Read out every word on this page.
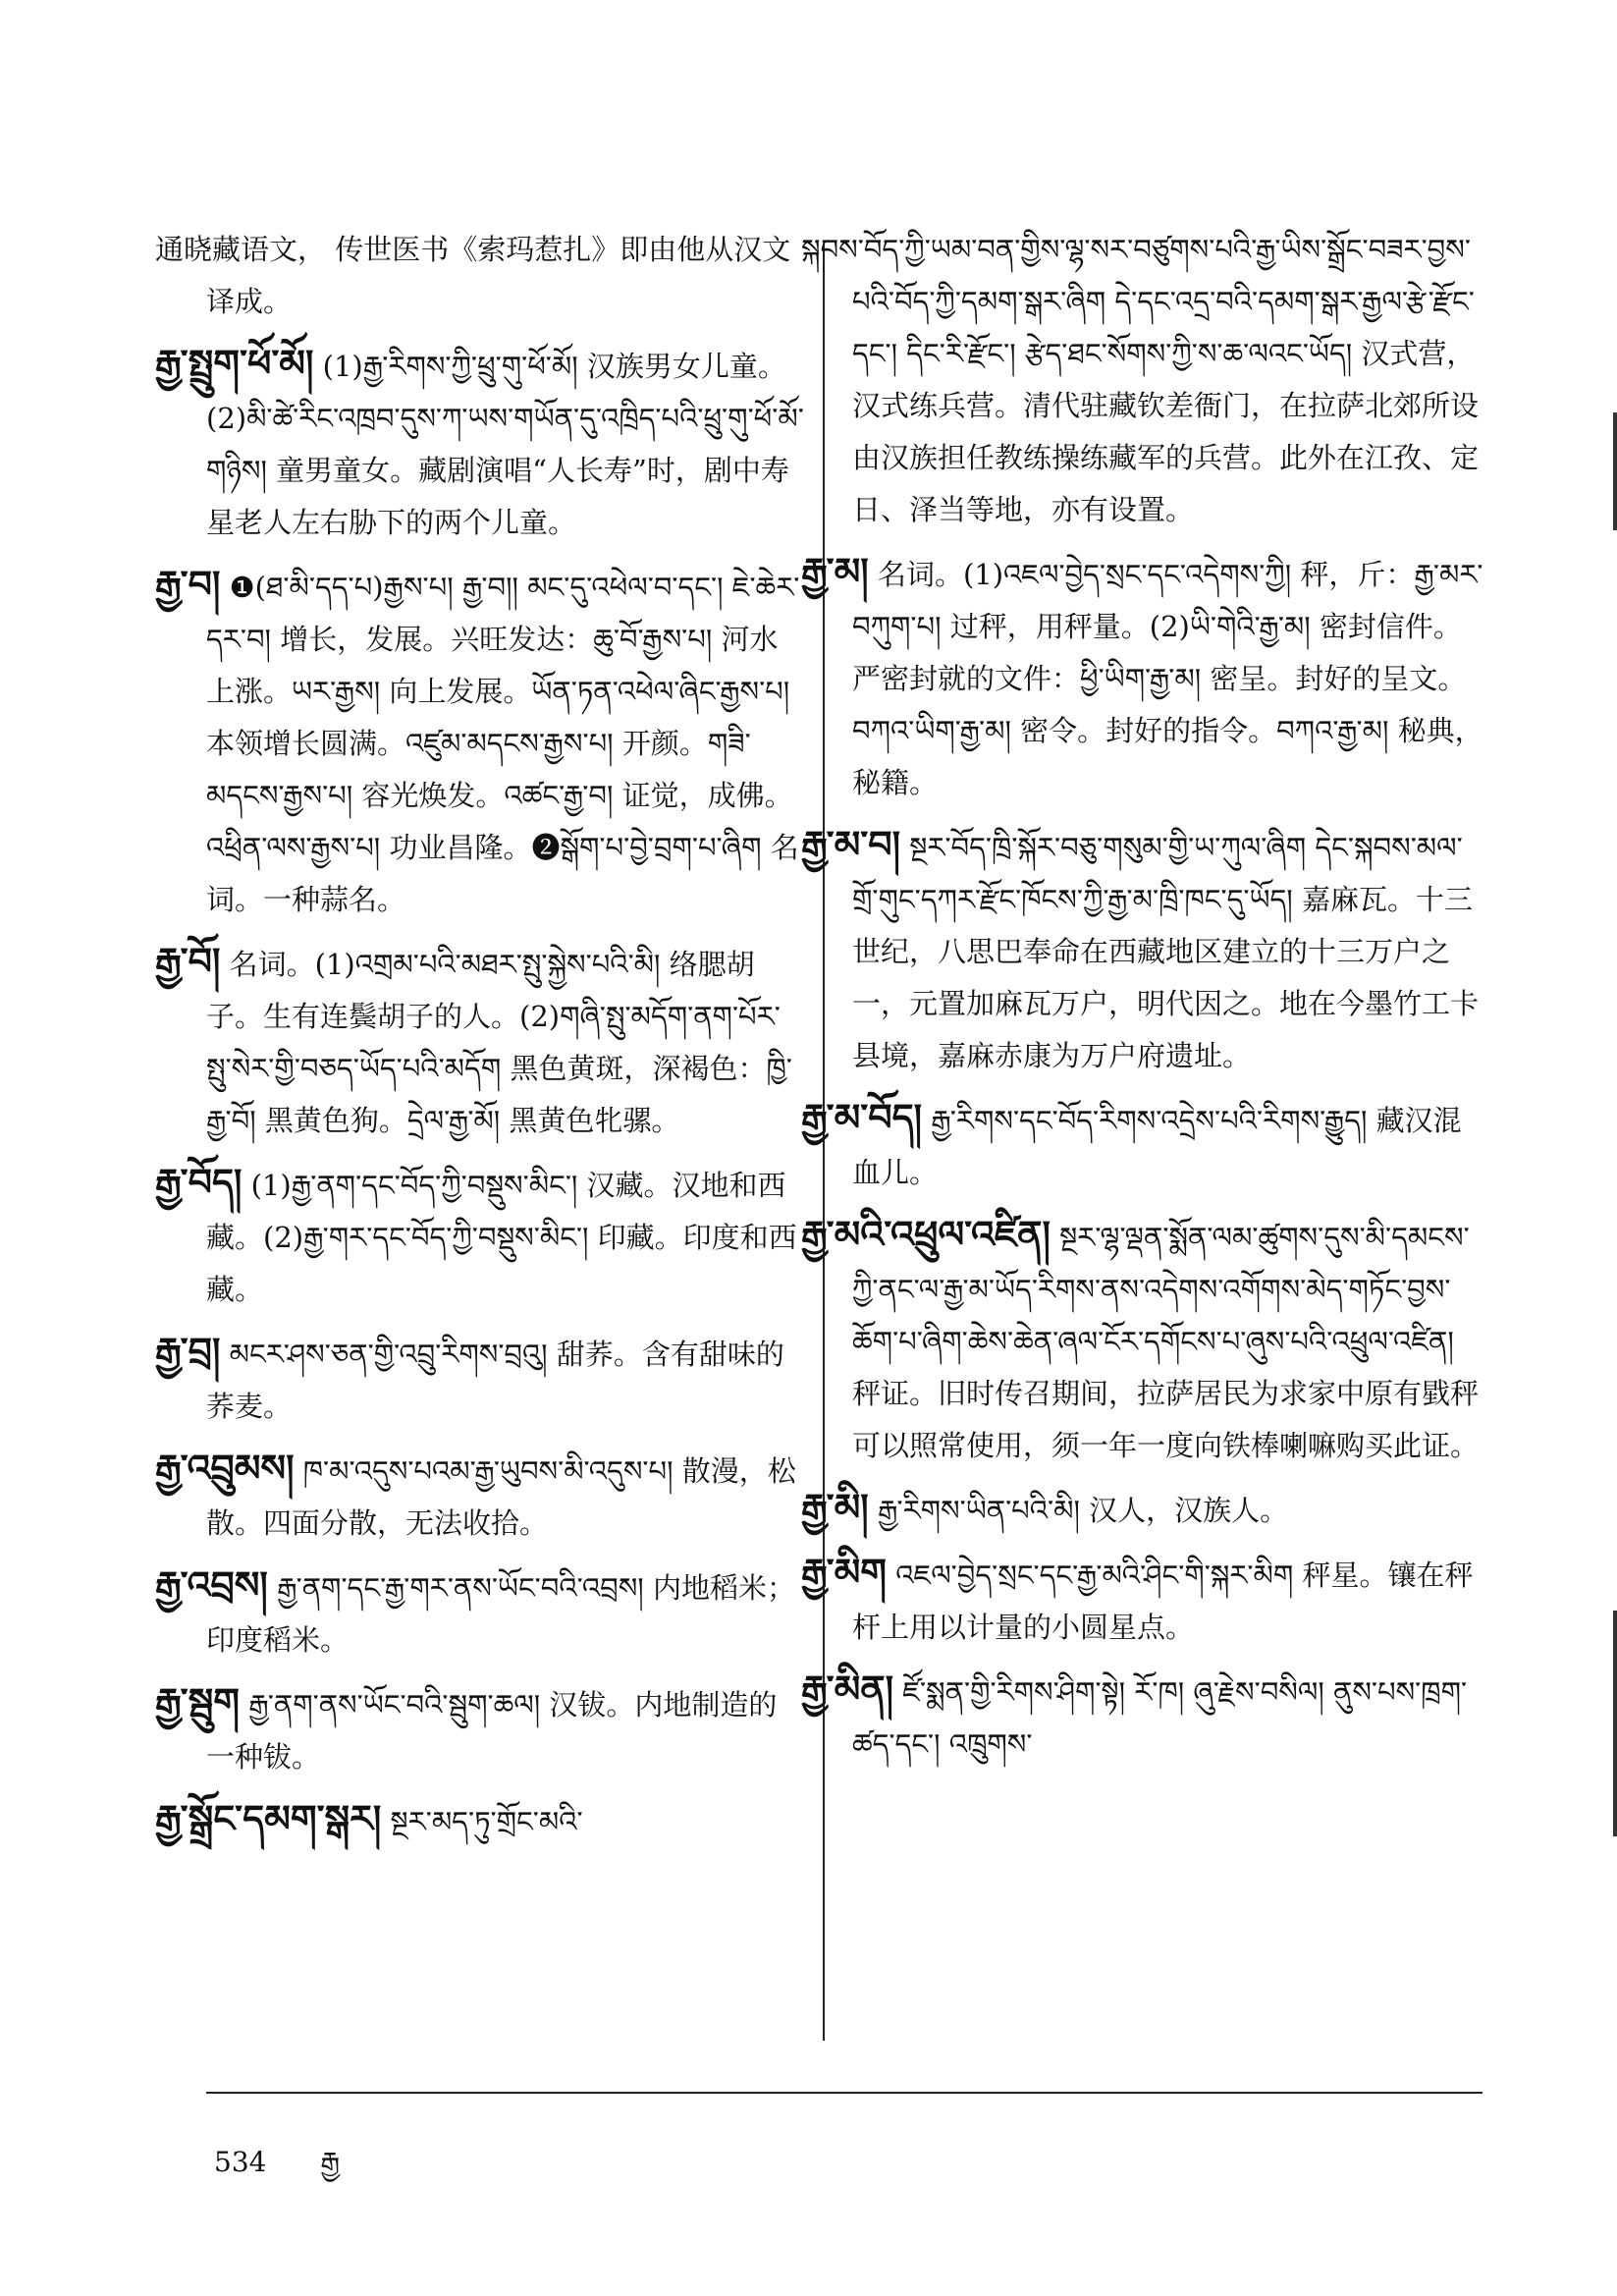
通晓藏语文， 传世医书《索玛惹扎》即由他从汉文译成。
རྒྱ་སྤྲུག་ཕོ་མོ། (1)རྒྱ་རིགས་ཀྱི་ཕྲུ་གུ་ཕོ་མོ། 汉族男女儿童。(2)མི་ཚེ་རིང་འཁྲབ་དུས་ཀ་ཡས་གཡོན་དུ་འཁྲིད་པའི་ཕྲུ་གུ་ཕོ་མོ་གཉིས། 童男童女。藏剧演唱“人长寿”时，剧中寿星老人左右胁下的两个儿童。
རྒྱ་བ། ❶(ཐ་མི་དད་པ)རྒྱས་པ། རྒྱ་བ།། མང་དུ་འཕེལ་བ་དང་། ཇེ་ཆེར་དར་བ། 增长，发展。兴旺发达：ཆུ་བོ་རྒྱས་པ། 河水上涨。ཡར་རྒྱས། 向上发展。ཡོན་ཏན་འཕེལ་ཞིང་རྒྱས་པ། 本领增长圆满。འཛུམ་མདངས་རྒྱས་པ། 开颜。གཟི་མདངས་རྒྱས་པ། 容光焕发。འཚང་རྒྱ་བ། 证觉，成佛。འཕྲིན་ལས་རྒྱས་པ། 功业昌隆。❷སྒོག་པ་བྱེ་བྲག་པ་ཞིག 名词。一种蒜名。
རྒྱ་བོ། 名词。(1)འགྲམ་པའི་མཐར་སྤུ་སྐྱེས་པའི་མི། 络腮胡子。生有连鬓胡子的人。(2)གཞི་སྤུ་མདོག་ནག་པོར་སྤུ་སེར་གྱི་བཅད་ཡོད་པའི་མདོག 黑色黄斑，深褐色：ཁྱི་རྒྱ་བོ། 黑黄色狗。དྲེལ་རྒྱ་མོ། 黑黄色牝骡。
རྒྱ་བོད། (1)རྒྱ་ནག་དང་བོད་ཀྱི་བསྡུས་མིང་། 汉藏。汉地和西藏。(2)རྒྱ་གར་དང་བོད་ཀྱི་བསྡུས་མིང་། 印藏。印度和西藏。
རྒྱ་བྲ། མངར་ཤས་ཅན་གྱི་འབྲུ་རིགས་བྲའུ། 甜荞。含有甜味的荞麦。
རྒྱ་འབྲུམས། ཁ་མ་འདུས་པའམ་རྒྱ་ཡུབས་མི་འདུས་པ། 散漫，松散。四面分散，无法收拾。
རྒྱ་འབྲས། རྒྱ་ནག་དང་རྒྱ་གར་ནས་ཡོང་བའི་འབྲས། 内地稻米；印度稻米。
རྒྱ་སྦུག རྒྱ་ནག་ནས་ཡོང་བའི་སྦུག་ཆལ། 汉钹。内地制造的一种钹。
རྒྱ་སྒྲོང་དམག་སྒར། སྔར་མད་ཏུ་གྲོང་མའི་
སྐབས་བོད་ཀྱི་ཡམ་བན་གྱིས་ལྷ་སར་བཙུགས་པའི་རྒྱ་ཡིས་སྒྲོང་བཟར་བྱས་པའི་བོད་ཀྱི་དམག་སྒར་ཞིག དེ་དང་འདྲ་བའི་དམག་སྒར་རྒྱལ་རྩེ་རྫོང་དང་། དིང་རི་རྫོང་། རྩེད་ཐང་སོགས་ཀྱི་ས་ཆ་ལའང་ཡོད། 汉式营，汉式练兵营。清代驻藏钦差衙门，在拉萨北郊所设由汉族担任教练操练藏军的兵营。此外在江孜、定日、泽当等地，亦有设置。
རྒྱ་མ། 名词。(1)འཇལ་བྱེད་སྲང་དང་འདེགས་ཀྱི། 秤，斤：རྒྱ་མར་བཀུག་པ། 过秤，用秤量。(2)ཡི་གེའི་རྒྱ་མ། 密封信件。严密封就的文件：ཕྱི་ཡིག་རྒྱ་མ། 密呈。封好的呈文。བཀའ་ཡིག་རྒྱ་མ། 密令。封好的指令。བཀའ་རྒྱ་མ། 秘典，秘籍。
རྒྱ་མ་བ། སྔར་བོད་ཁྲི་སྐོར་བཅུ་གསུམ་གྱི་ཡ་ཀུལ་ཞིག དེང་སྐབས་མལ་གྲོ་གུང་དཀར་རྫོང་ཁོངས་ཀྱི་རྒྱ་མ་ཁྲི་ཁང་དུ་ཡོད། 嘉麻瓦。十三世纪，八思巴奉命在西藏地区建立的十三万户之一，元置加麻瓦万户，明代因之。地在今墨竹工卡县境，嘉麻赤康为万户府遗址。
རྒྱ་མ་བོད། རྒྱ་རིགས་དང་བོད་རིགས་འདྲེས་པའི་རིགས་རྒྱུད། 藏汉混血儿。
རྒྱ་མའི་འཕྲུལ་འཛིན། སྔར་ལྷ་ལྡན་སྨོན་ལམ་ཚུགས་དུས་མི་དམངས་ཀྱི་ནང་ལ་རྒྱ་མ་ཡོད་རིགས་ནས་འདེགས་འགོགས་མེད་གཏོང་བྱས་ཆོག་པ་ཞིག་ཆེས་ཆེན་ཞལ་ངོར་དགོངས་པ་ཞུས་པའི་འཕྲུལ་འཛིན། 秤证。旧时传召期间，拉萨居民为求家中原有戥秤可以照常使用，须一年一度向铁棒喇嘛购买此证。
རྒྱ་མི། རྒྱ་རིགས་ཡིན་པའི་མི། 汉人，汉族人。
རྒྱ་མིག འཇལ་བྱེད་སྲང་དང་རྒྱ་མའི་ཤིང་གི་སྐར་མིག 秤星。镶在秤杆上用以计量的小圆星点。
རྒྱ་མིན། ཛོ་སྨན་གྱི་རིགས་ཤིག་སྟེ། རོ་ཁ། ཞུ་རྗེས་བསིལ། ནུས་པས་ཁྲག་ཚད་དང་། འཁྲུགས་
534 རྒྱ
